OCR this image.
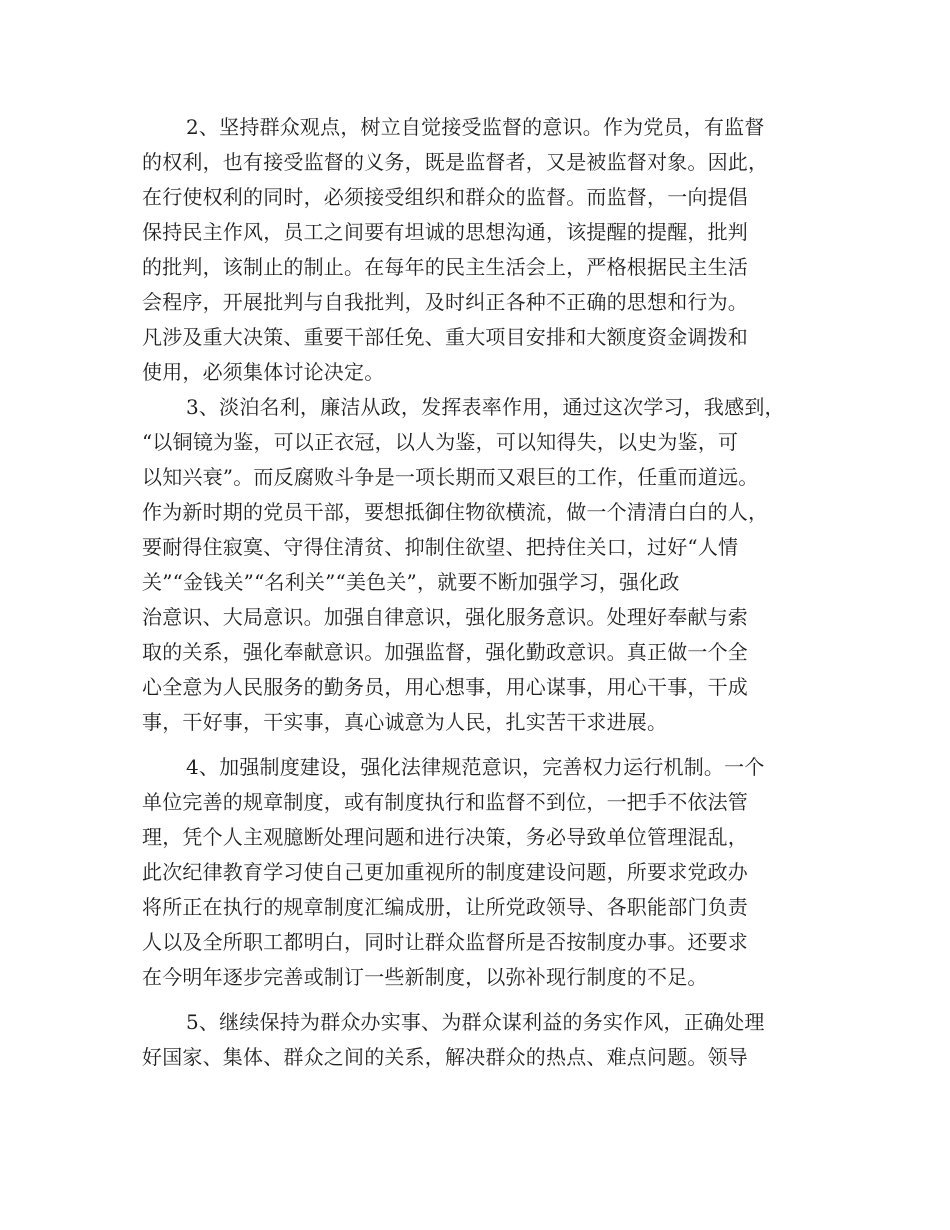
2、坚持群众观点，树立自觉接受监督的意识。作为党员，有监督

的权利，也有接受监督的义务，既是监督者，又是被监督对象。因此，

在行使权利的同时，必须接受组织和群众的监督。而监督，一向提倡

保持民主作风，员工之间要有坦诚的思想沟通，该提醒的提醒，批判

的批判，该制止的制止。在每年的民主生活会上，严格根据民主生活

会程序，开展批判与自我批判，及时纠正各种不正确的思想和行为。

凡涉及重大决策、重要干部任免、重大项目安排和大额度资金调拨和

使用，必须集体讨论决定。

3、淡泊名利，廉洁从政，发挥表率作用，通过这次学习，我感到，

“以铜镜为鉴，可以正衣冠，以人为鉴，可以知得失，以史为鉴，可

以知兴衰”。而反腐败斗争是一项长期而又艰巨的工作，任重而道远。

作为新时期的党员干部，要想抵御住物欲横流，做一个清清白白的人，

要耐得住寂寞、守得住清贫、抑制住欲望、把持住关口，过好“人情

关”“金钱关”“名利关”“美色关”，就要不断加强学习，强化政

治意识、大局意识。加强自律意识，强化服务意识。处理好奉献与索

取的关系，强化奉献意识。加强监督，强化勤政意识。真正做一个全

心全意为人民服务的勤务员，用心想事，用心谋事，用心干事，干成

事，干好事，干实事，真心诚意为人民，扎实苦干求进展。

4、加强制度建设，强化法律规范意识，完善权力运行机制。一个

单位完善的规章制度，或有制度执行和监督不到位，一把手不依法管

理，凭个人主观臆断处理问题和进行决策，务必导致单位管理混乱，

此次纪律教育学习使自己更加重视所的制度建设问题，所要求党政办

将所正在执行的规章制度汇编成册，让所党政领导、各职能部门负责

人以及全所职工都明白，同时让群众监督所是否按制度办事。还要求

在今明年逐步完善或制订一些新制度，以弥补现行制度的不足。

5、继续保持为群众办实事、为群众谋利益的务实作风，正确处理

好国家、集体、群众之间的关系，解决群众的热点、难点问题。领导
